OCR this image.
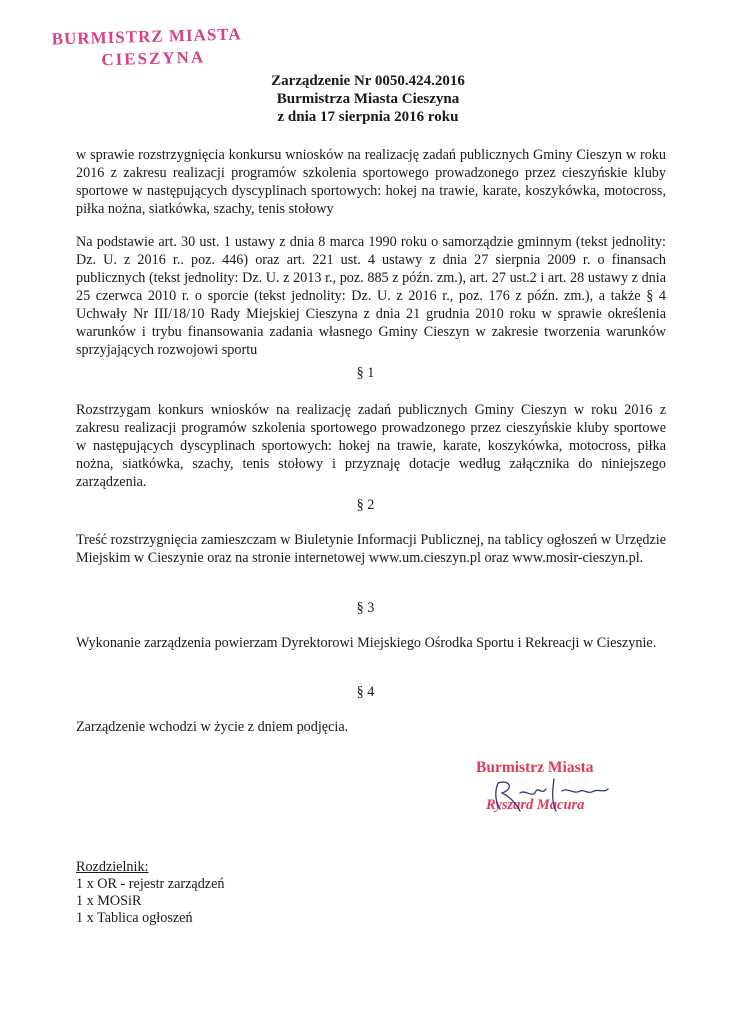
BURMISTRZ MIASTA
CIESZYNA
Zarządzenie Nr 0050.424.2016
Burmistrza Miasta Cieszyna
z dnia 17 sierpnia 2016 roku
w sprawie rozstrzygnięcia konkursu wniosków na realizację zadań publicznych Gminy Cieszyn w roku 2016 z zakresu realizacji programów szkolenia sportowego prowadzonego przez cieszyńskie kluby sportowe w następujących dyscyplinach sportowych: hokej na trawie, karate, koszykówka, motocross, piłka nożna, siatkówka, szachy, tenis stołowy
Na podstawie art. 30 ust. 1 ustawy z dnia 8 marca 1990 roku o samorządzie gminnym (tekst jednolity: Dz. U. z 2016 r.. poz. 446) oraz art. 221 ust. 4 ustawy z dnia 27 sierpnia 2009 r. o finansach publicznych (tekst jednolity: Dz. U. z 2013 r., poz. 885 z późn. zm.), art. 27 ust.2 i art. 28 ustawy z dnia 25 czerwca 2010 r. o sporcie (tekst jednolity: Dz. U. z 2016 r., poz. 176 z późn. zm.), a także § 4 Uchwały Nr III/18/10 Rady Miejskiej Cieszyna z dnia 21 grudnia 2010 roku w sprawie określenia warunków i trybu finansowania zadania własnego Gminy Cieszyn w zakresie tworzenia warunków sprzyjających rozwojowi sportu
§ 1
Rozstrzygam konkurs wniosków na realizację zadań publicznych Gminy Cieszyn w roku 2016 z zakresu realizacji programów szkolenia sportowego prowadzonego przez cieszyńskie kluby sportowe w następujących dyscyplinach sportowych: hokej na trawie, karate, koszykówka, motocross, piłka nożna, siatkówka, szachy, tenis stołowy i przyznaję dotacje według załącznika do niniejszego zarządzenia.
§ 2
Treść rozstrzygnięcia zamieszczam w Biuletynie Informacji Publicznej, na tablicy ogłoszeń w Urzędzie Miejskim w Cieszynie oraz na stronie internetowej www.um.cieszyn.pl oraz www.mosir-cieszyn.pl.
§ 3
Wykonanie zarządzenia powierzam Dyrektorowi Miejskiego Ośrodka Sportu i Rekreacji w Cieszynie.
§ 4
Zarządzenie wchodzi w życie z dniem podjęcia.
Burmistrz Miasta
Ryszard Macura
Rozdzielnik:
1 x OR - rejestr zarządzeń
1 x MOSiR
1 x Tablica ogłoszeń
